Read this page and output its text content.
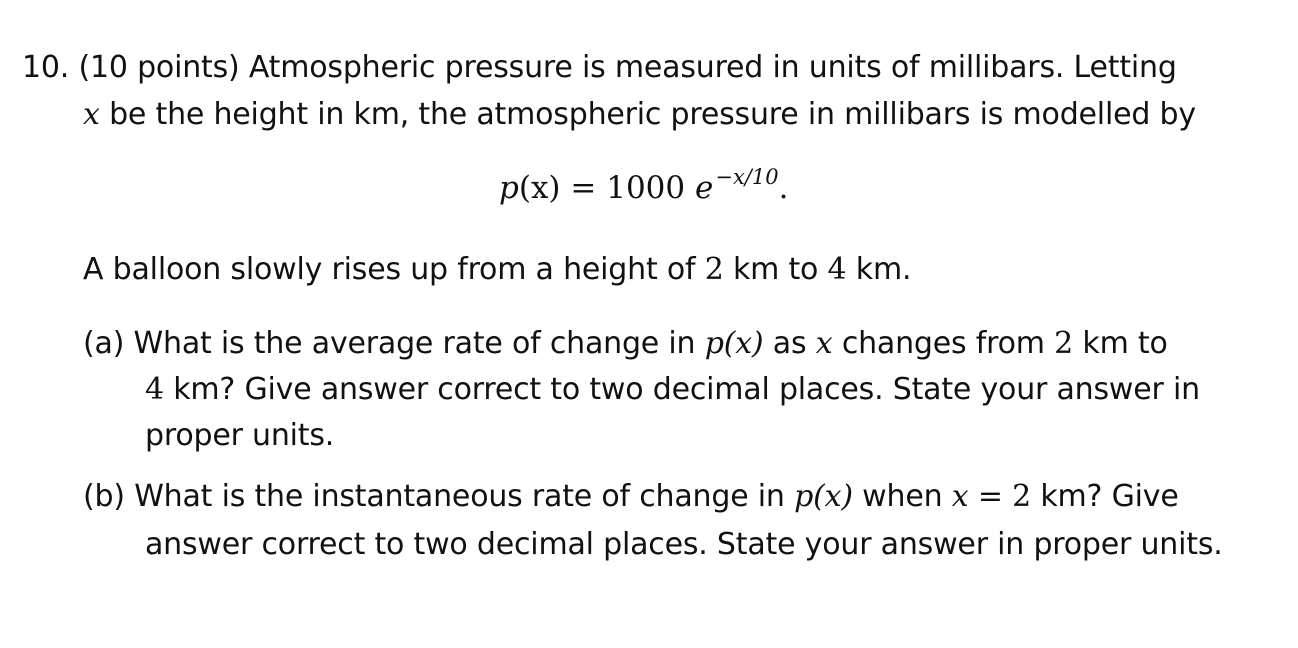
10. (10 points) Atmospheric pressure is measured in units of millibars. Letting
x be the height in km, the atmospheric pressure in millibars is modelled by
p(x) = 1000 $e^{-x/10}$.
A balloon slowly rises up from a height of 2 km to 4 km.
(a) What is the average rate of change in p(x) as x changes from 2 km to
4 km? Give answer correct to two decimal places. State your answer in
proper units.
(b) What is the instantaneous rate of change in p(x) when x = 2 km? Give
answer correct to two decimal places. State your answer in proper units.
